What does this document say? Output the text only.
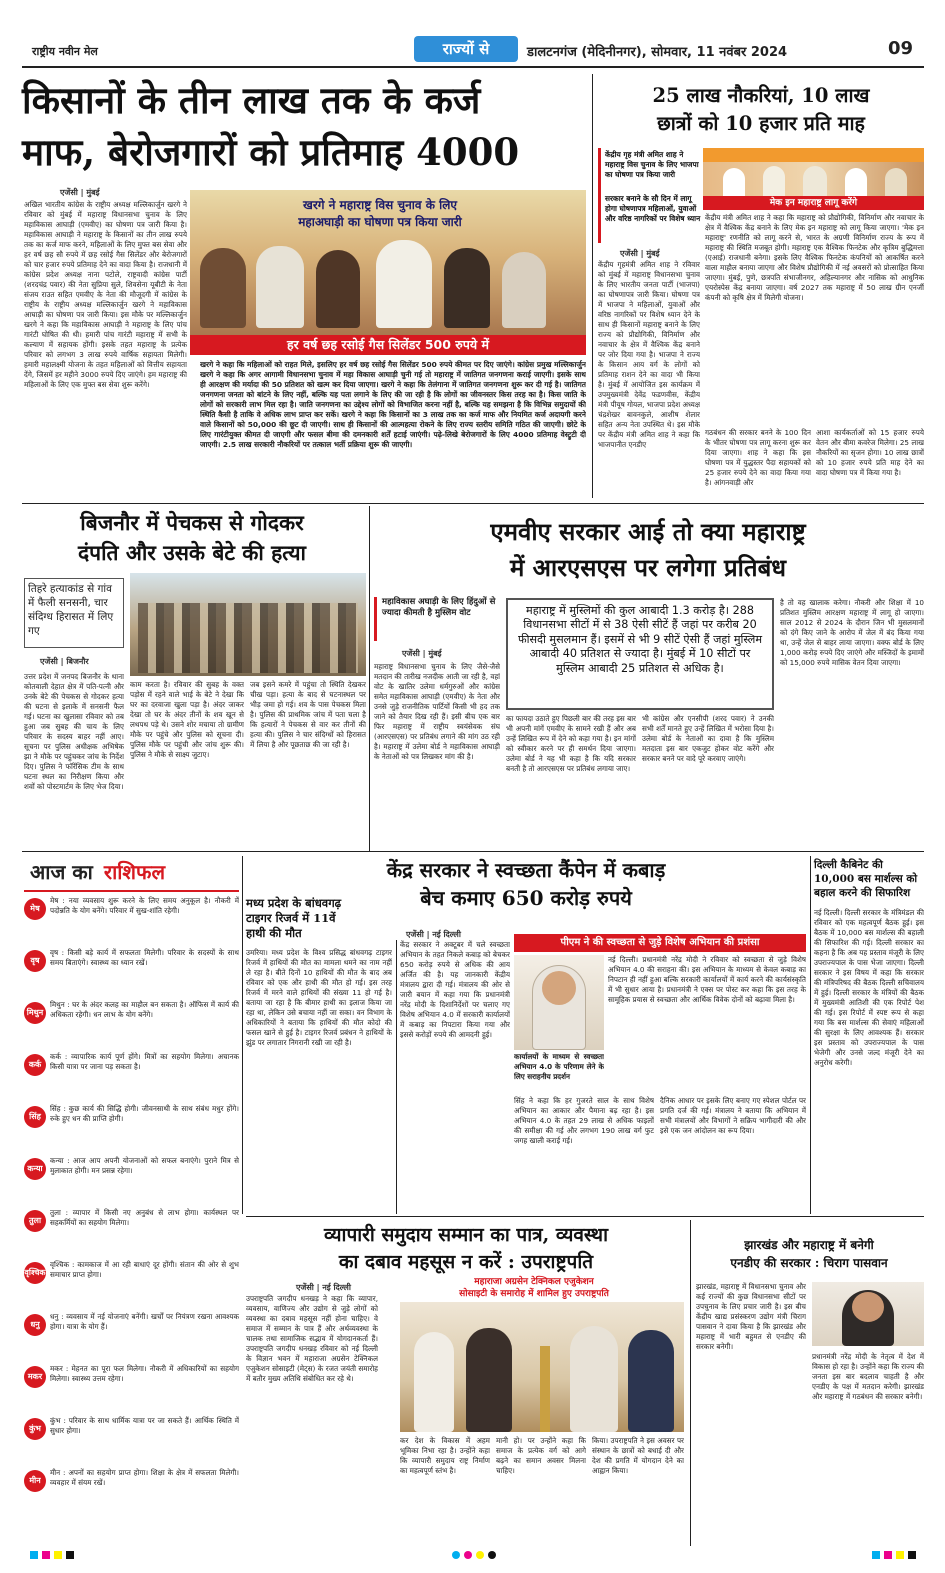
राष्ट्रीय नवीन मेल	राज्यों से	डालटनगंज (मेदिनीनगर), सोमवार, 11 नवंबर 2024	09
किसानों के तीन लाख तक के कर्ज
माफ, बेरोजगारों को प्रतिमाह 4000
एजेंसी | मुंबई
अखिल भारतीय कांग्रेस के राष्ट्रीय अध्यक्ष मल्लिकार्जुन खरगे ने रविवार को मुंबई में महाराष्ट्र विधानसभा चुनाव के लिए महाविकास आघाड़ी (एमवीए) का घोषणा पत्र जारी किया है। महाविकास आघाड़ी ने महाराष्ट्र के किसानों का तीन लाख रुपये तक का कर्ज माफ करने, महिलाओं के लिए मुफ्त बस सेवा और हर वर्ष छह सौ रुपये में छह रसोई गैस सिलेंडर और बेरोजगारों को चार हजार रुपये प्रतिमाह देने का वादा किया है। राजधानी में कांग्रेस प्रदेश अध्यक्ष नाना पटोले, राष्ट्रवादी कांग्रेस पार्टी (शरदचंद्र पवार) की नेता सुप्रिया सुले, शिवसेना यूबीटी के नेता संजय राउत सहित एमवीए के नेता की मौजूदगी में कांग्रेस के राष्ट्रीय के राष्ट्रीय अध्यक्ष मल्लिकार्जुन खरगे ने महाविकास आघाड़ी का घोषणा पत्र जारी किया। इस मौके पर मल्लिकार्जुन खरगे ने कहा कि महाविकास आघाड़ी ने महाराष्ट्र के लिए पांच गारंटी घोषित की थी। हमारी पांच गारंटी महाराष्ट्र में सभी के कल्याण में सहायक होंगी। इसके तहत महाराष्ट्र के प्रत्येक परिवार को लगभग 3 लाख रुपये वार्षिक सहायता मिलेगी। हमारी महालक्ष्मी योजना के तहत महिलाओं को वित्तीय सहायता देंगे, जिसमें हर महीने 3000 रुपये दिए जाएंगे। हम महाराष्ट्र की महिलाओं के लिए एक मुफ्त बस सेवा शुरू करेंगे।
खरगे ने महाराष्ट्र विस चुनाव के लिए
महाअघाड़ी का घोषणा पत्र किया जारी
हर वर्ष छह रसोई गैस सिलेंडर 500 रुपये में
खरगे ने कहा कि महिलाओं को राहत मिले, इसलिए हर वर्ष छह रसोई गैस सिलेंडर 500 रुपये कीमत पर दिए जाएंगे। कांग्रेस प्रमुख मल्लिकार्जुन खरगे ने कहा कि अगर आगामी विधानसभा चुनाव में महा विकास आघाड़ी चुनी गई तो महाराष्ट्र में जातिगत जनगणना कराई जाएगी। इसके साथ ही आरक्षण की मर्यादा की 50 प्रतिशत को खत्म कर दिया जाएगा। खरगे ने कहा कि तेलंगाना में जातिगत जनगणना शुरू कर दी गई है। जातिगत जनगणना जनता को बांटने के लिए नहीं, बल्कि यह पता लगाने के लिए की जा रही है कि लोगों का जीवनस्तर किस तरह का है। किस जाति के लोगों को सरकारी लाभ मिल रहा है। जाति जनगणना का उद्देश्य लोगों को विभाजित करना नहीं है, बल्कि यह समझना है कि विभिन्न समुदायों की स्थिति कैसी है ताकि वे अधिक लाभ प्राप्त कर सकें। खरगे ने कहा कि किसानों का 3 लाख तक का कर्ज माफ और नियमित कर्ज अदायगी करने वाले किसानों को 50,000 की छूट दी जाएगी। साथ ही किसानों की आत्महत्या रोकने के लिए राज्य स्तरीय समिति गठित की जाएगी। छोटे के लिए गारंटीयुक्त कीमत दी जाएगी और फसल बीमा की दमनकारी शर्तें हटाई जाएंगी। पढ़े-लिखे बेरोजगारों के लिए 4000 प्रतिमाह वेस्ट्रुटी दी जाएगी। 2.5 लाख सरकारी नौकरियों पर तत्काल भर्ती प्रक्रिया शुरू की जाएगी।
25 लाख नौकरियां, 10 लाख
छात्रों को 10 हजार प्रति माह
केंद्रीय गृह मंत्री अमित शाह ने महाराष्ट्र विस चुनाव के लिए भाजपा का घोषणा पत्र किया जारी
सरकार बनाने के सौ दिन में लागू होगा घोषणापत्र महिलाओं, युवाओं और वरिष्ठ नागरिकों पर विशेष ध्यान
एजेंसी | मुंबई
केंद्रीय गृहमंत्री अमित शाह ने रविवार को मुंबई में महाराष्ट्र विधानसभा चुनाव के लिए भारतीय जनता पार्टी (भाजपा) का घोषणापत्र जारी किया। घोषणा पत्र में भाजपा ने महिलाओं, युवाओं और वरिष्ठ नागरिकों पर विशेष ध्यान देने के साथ ही किसानों महाराष्ट्र बनाने के लिए राज्य को प्रौद्योगिकी, विनिर्माण और नवाचार के क्षेत्र में वैश्विक केंद्र बनाने पर जोर दिया गया है। भाजपा ने राज्य के किसान आय वर्ग के लोगों को प्रतिमाह राशन देने का वादा भी किया है। मुंबई में आयोजित इस कार्यक्रम में उपमुख्यमंत्री देवेंद्र फडणवीस, केंद्रीय मंत्री पीयूष गोयल, भाजपा प्रदेश अध्यक्ष चंद्रशेखर बावनकुले, आशीष शेलार सहित अन्य नेता उपस्थित थे। इस मौके पर केंद्रीय मंत्री अमित शाह ने कहा कि भाजपानीत एनडीए
मेक इन महाराष्ट्र लागू करेंगे
केंद्रीय मंत्री अमित शाह ने कहा कि महाराष्ट्र को प्रौद्योगिकी, विनिर्माण और नवाचार के क्षेत्र में वैश्विक केंद्र बनाने के लिए मेक इन महाराष्ट्र को लागू किया जाएगा। 'मेक इन महाराष्ट्र' रणनीति को लागू करने से, भारत के अग्रणी विनिर्माण राज्य के रूप में महाराष्ट्र की स्थिति मजबूत होगी। महाराष्ट्र एक वैश्विक फिनटेक और कृत्रिम बुद्धिमत्ता (एआई) राजधानी बनेगा। इसके लिए वैश्विक फिनटेक कंपनियों को आकर्षित करने वाला माहौल बनाया जाएगा और विशेष प्रौद्योगिकी में नई अवसरों को प्रोत्साहित किया जाएगा। मुंबई, पुणे, छत्रपति संभाजीनगर, अहिल्यानगर और नासिक को आधुनिक एयरोस्पेस केंद्र बनाया जाएगा। वर्ष 2027 तक महाराष्ट्र में 50 लाख ग्रीन एनर्जी कंपनी को कृषि क्षेत्र में मिलेगी योजना।
गठबंधन की सरकार बनने के 100 दिन के भीतर घोषणा पत्र लागू करना शुरू कर दिया जाएगा। शाह ने कहा कि इस घोषणा पत्र में युद्धस्तर पैदा सहायकों को 25 हजार रुपये देने का वादा किया गया है। आंगनवाड़ी और
आशा कार्यकर्ताओं को 15 हजार रुपये वेतन और बीमा कवरेज मिलेगा। 25 लाख नौकरियों का सृजन होगा। 10 लाख छात्रों को 10 हजार रुपये प्रति माह देने का वादा घोषणा पत्र में किया गया है।
बिजनौर में पेचकस से गोदकर
दंपति और उसके बेटे की हत्या
तिहरे हत्याकांड से गांव में फैली सनसनी, चार संदिग्ध हिरासत में लिए गए
एजेंसी | बिजनौर
उत्तर प्रदेश में जनपद बिजनौर के थाना कोतवाली देहात क्षेत्र में पति-पत्नी और उनके बेटे की पेचकस से गोदकर हत्या की घटना से इलाके में सनसनी फैल गई। घटना का खुलासा रविवार को तब हुआ जब सुबह की चाय के लिए परिवार के सदस्य बाहर नहीं आए। सूचना पर पुलिस अधीक्षक अभिषेक झा ने मौके पर पहुंचकर जांच के निर्देश दिए। पुलिस ने फॉरेंसिक टीम के साथ घटना स्थल का निरीक्षण किया और शवों को पोस्टमार्टम के लिए भेज दिया।
काम करता है। रविवार की सुबह के वक्त पड़ोस में रहने वाले भाई के बेटे ने देखा कि घर का दरवाजा खुला पड़ा है। अंदर जाकर देखा तो घर के अंदर तीनों के शव खून से लथपथ पड़े थे। उसने शोर मचाया तो ग्रामीण मौके पर पहुंचे और पुलिस को सूचना दी। पुलिस मौके पर पहुंची और जांच शुरू की। पुलिस ने मौके से साक्ष्य जुटाए।
जब इसने कमरे में पहुंचा तो स्थिति देखकर चीख पड़ा। हत्या के बाद से घटनास्थल पर भीड़ जमा हो गई। शव के पास पेचकस मिला है। पुलिस की प्राथमिक जांच में पता चला है कि हत्यारों ने पेचकस से वार कर तीनों की हत्या की। पुलिस ने चार संदिग्धों को हिरासत में लिया है और पूछताछ की जा रही है।
एमवीए सरकार आई तो क्या महाराष्ट्र
में आरएसएस पर लगेगा प्रतिबंध
महाविकास अघाड़ी के लिए हिंदुओं से ज्यादा कीमती है मुस्लिम वोट
एजेंसी | मुंबई
महाराष्ट्र में मुस्लिमों की कुल आबादी 1.3 करोड़ है। 288 विधानसभा सीटों में से 38 ऐसी सीटें हैं जहां पर करीब 20 फीसदी मुसलमान हैं। इसमें से भी 9 सीटें ऐसी हैं जहां मुस्लिम आबादी 40 प्रतिशत से ज्यादा है। मुंबई में 10 सीटों पर मुस्लिम आबादी 25 प्रतिशत से अधिक है।
महाराष्ट्र विधानसभा चुनाव के लिए जैसे-जैसे मतदान की तारीख नजदीक आती जा रही है, वहां वोट के खातिर उलेमा धर्मगुरुओं और कांग्रेस समेत महाविकास आघाड़ी (एमवीए) के नेता और उनसे जुड़े राजनीतिक पार्टियों किसी भी हद तक जाने को तैयार दिख रही हैं। इसी बीच एक बार फिर महाराष्ट्र में राष्ट्रीय स्वयंसेवक संघ (आरएसएस) पर प्रतिबंध लगाने की मांग उठ रही है। महाराष्ट्र में उलेमा बोर्ड ने महाविकास आघाड़ी के नेताओं को पत्र लिखकर मांग की है।
का फायदा उठाते हुए पिछली बार की तरह इस बार भी अपनी मांगें एमवीए के सामने रखी हैं और अब उन्हें लिखित रूप में देने को कहा गया है। इन मांगों को स्वीकार करने पर ही समर्थन दिया जाएगा। उलेमा बोर्ड ने यह भी कहा है कि यदि सरकार बनती है तो आरएसएस पर प्रतिबंध लगाया जाए।
भी कांग्रेस और एनसीपी (शरद पवार) ने उनकी सभी शर्तें मानते हुए उन्हें लिखित में भरोसा दिया है। उलेमा बोर्ड के नेताओं का दावा है कि मुस्लिम मतदाता इस बार एकजुट होकर वोट करेंगे और सरकार बनने पर वादे पूरे करवाए जाएंगे।
है तो वह खालाक करेगा। नौकरी और शिक्षा में 10 प्रतिशत मुस्लिम आरक्षण महाराष्ट्र में लागू हो जाएगा। साल 2012 से 2024 के दौरान जिन भी मुसलमानों को दंगे किए जाने के आरोप में जेल में बंद किया गया था, उन्हें जेल से बाहर लाया जाएगा। वक्फ बोर्ड के लिए 1,000 करोड़ रुपये दिए जाएंगे और मस्जिदों के इमामों को 15,000 रुपये मासिक वेतन दिया जाएगा।
आज का राशिफल
मेष
मेष : नया व्यवसाय शुरू करने के लिए समय अनुकूल है। नौकरी में पदोन्नति के योग बनेंगे। परिवार में सुख-शांति रहेगी।
वृष
वृष : किसी बड़े कार्य में सफलता मिलेगी। परिवार के सदस्यों के साथ समय बिताएंगे। स्वास्थ्य का ध्यान रखें।
मिथुन
मिथुन : घर के अंदर कलह का माहौल बन सकता है। ऑफिस में कार्य की अधिकता रहेगी। धन लाभ के योग बनेंगे।
कर्क
कर्क : व्यापारिक कार्य पूर्ण होंगे। मित्रों का सहयोग मिलेगा। अचानक किसी यात्रा पर जाना पड़ सकता है।
सिंह
सिंह : कुछ कार्य की सिद्धि होगी। जीवनसाथी के साथ संबंध मधुर होंगे। रुके हुए धन की प्राप्ति होगी।
कन्या
कन्या : आज आप अपनी योजनाओं को सफल बनाएंगे। पुराने मित्र से मुलाकात होगी। मन प्रसन्न रहेगा।
तुला
तुला : व्यापार में किसी नए अनुबंध से लाभ होगा। कार्यस्थल पर सहकर्मियों का सहयोग मिलेगा।
वृश्चिक
वृश्चिक : कामकाज में आ रही बाधाएं दूर होंगी। संतान की ओर से शुभ समाचार प्राप्त होगा।
धनु
धनु : व्यवसाय में नई योजनाएं बनेंगी। खर्चों पर नियंत्रण रखना आवश्यक होगा। यात्रा के योग हैं।
मकर
मकर : मेहनत का पूरा फल मिलेगा। नौकरी में अधिकारियों का सहयोग मिलेगा। स्वास्थ्य उत्तम रहेगा।
कुंभ
कुंभ : परिवार के साथ धार्मिक यात्रा पर जा सकते हैं। आर्थिक स्थिति में सुधार होगा।
मीन
मीन : अपनों का सहयोग प्राप्त होगा। शिक्षा के क्षेत्र में सफलता मिलेगी। व्यवहार में संयम रखें।
मध्य प्रदेश के बांधवगढ़
टाइगर रिजर्व में 11वें
हाथी की मौत
उमरिया। मध्य प्रदेश के विश्व प्रसिद्ध बांधवगढ़ टाइगर रिजर्व में हाथियों की मौत का मामला थमने का नाम नहीं ले रहा है। बीते दिनों 10 हाथियों की मौत के बाद अब रविवार को एक और हाथी की मौत हो गई। इस तरह रिजर्व में मरने वाले हाथियों की संख्या 11 हो गई है। बताया जा रहा है कि बीमार हाथी का इलाज किया जा रहा था, लेकिन उसे बचाया नहीं जा सका। वन विभाग के अधिकारियों ने बताया कि हाथियों की मौत कोदो की फसल खाने से हुई है। टाइगर रिजर्व प्रबंधन ने हाथियों के झुंड पर लगातार निगरानी रखी जा रही है।
केंद्र सरकार ने स्वच्छता कैंपेन में कबाड़
बेच कमाए 650 करोड़ रुपये
एजेंसी | नई दिल्ली
केंद्र सरकार ने अक्टूबर में चले स्वच्छता अभियान के तहत निकले कबाड़ को बेचकर 650 करोड़ रुपये से अधिक की आय अर्जित की है। यह जानकारी केंद्रीय मंत्रालय द्वारा दी गई। मंत्रालय की ओर से जारी बयान में कहा गया कि प्रधानमंत्री नरेंद्र मोदी के दिशानिर्देशों पर चलाए गए विशेष अभियान 4.0 में सरकारी कार्यालयों में कबाड़ का निपटारा किया गया और इससे करोड़ों रुपये की आमदनी हुई।
पीएम ने की स्वच्छता से जुड़े विशेष अभियान की प्रशंसा
कार्यालयों के माध्यम से स्वच्छता अभियान 4.0 के परिणाम लेने के लिए सराहनीय प्रदर्शन
नई दिल्ली। प्रधानमंत्री नरेंद्र मोदी ने रविवार को स्वच्छता से जुड़े विशेष अभियान 4.0 की सराहना की। इस अभियान के माध्यम से केवल कबाड़ का निपटान ही नहीं हुआ बल्कि सरकारी कार्यालयों में कार्य करने की कार्यसंस्कृति में भी सुधार आया है। प्रधानमंत्री ने एक्स पर पोस्ट कर कहा कि इस तरह के सामूहिक प्रयास से स्वच्छता और आर्थिक विवेक दोनों को बढ़ावा मिला है।
सिंह ने कहा कि हर गुजरते साल के साथ विशेष अभियान का आकार और पैमाना बढ़ रहा है। इस अभियान 4.0 के तहत 29 लाख से अधिक फाइलों की समीक्षा की गई और लगभग 190 लाख वर्ग फुट जगह खाली कराई गई।
दैनिक आधार पर इसके लिए बनाए गए स्पेशल पोर्टल पर प्रगति दर्ज की गई। मंत्रालय ने बताया कि अभियान में सभी मंत्रालयों और विभागों ने सक्रिय भागीदारी की और इसे एक जन आंदोलन का रूप दिया।
दिल्ली कैबिनेट की
10,000 बस मार्शल्स को
बहाल करने की सिफारिश
नई दिल्ली। दिल्ली सरकार के मंत्रिमंडल की रविवार को एक महत्वपूर्ण बैठक हुई। इस बैठक में 10,000 बस मार्शल्स की बहाली की सिफारिश की गई। दिल्ली सरकार का कहना है कि अब यह प्रस्ताव मंजूरी के लिए उपराज्यपाल के पास भेजा जाएगा। दिल्ली सरकार ने इस विषय में कहा कि सरकार की मंत्रिपरिषद की बैठक दिल्ली सचिवालय में हुई। दिल्ली सरकार के मंत्रियों की बैठक में मुख्यमंत्री आतिशी की एक रिपोर्ट पेश की गई। इस रिपोर्ट में स्पष्ट रूप से कहा गया कि बस मार्शल्स की सेवाएं महिलाओं की सुरक्षा के लिए आवश्यक हैं। सरकार इस प्रस्ताव को उपराज्यपाल के पास भेजेगी और उनसे जल्द मंजूरी देने का अनुरोध करेगी।
व्यापारी समुदाय सम्मान का पात्र, व्यवस्था
का दबाव महसूस न करें : उपराष्ट्रपति
एजेंसी | नई दिल्ली
उपराष्ट्रपति जगदीप धनखड़ ने कहा कि व्यापार, व्यवसाय, वाणिज्य और उद्योग से जुड़े लोगों को व्यवस्था का दबाव महसूस नहीं होना चाहिए। वे समाज में सम्मान के पात्र हैं और अर्थव्यवस्था के चालक तथा सामाजिक सद्भाव में योगदानकर्ता हैं। उपराष्ट्रपति जगदीप धनखड़ रविवार को नई दिल्ली के विज्ञान भवन में महाराजा अग्रसेन टेक्निकल एजुकेशन सोसाइटी (मेट्स) के रजत जयंती समारोह में बतौर मुख्य अतिथि संबोधित कर रहे थे।
महाराजा अग्रसेन टेक्निकल एजुकेशन
सोसाइटी के समारोह में शामिल हुए उपराष्ट्रपति
कर देश के विकास में अहम भूमिका निभा रहा है। उन्होंने कहा कि व्यापारी समुदाय राष्ट्र निर्माण का महत्वपूर्ण स्तंभ है।
मानी हो। पर उन्होंने कहा कि समाज के प्रत्येक वर्ग को आगे बढ़ने का समान अवसर मिलना चाहिए।
किया। उपराष्ट्रपति ने इस अवसर पर संस्थान के छात्रों को बधाई दी और देश की प्रगति में योगदान देने का आह्वान किया।
झारखंड और महाराष्ट्र में बनेगी
एनडीए की सरकार : चिराग पासवान
झारखंड, महाराष्ट्र में विधानसभा चुनाव और कई राज्यों की कुछ विधानसभा सीटों पर उपचुनाव के लिए प्रचार जारी है। इस बीच केंद्रीय खाद्य प्रसंस्करण उद्योग मंत्री चिराग पासवान ने दावा किया है कि झारखंड और महाराष्ट्र में भारी बहुमत से एनडीए की सरकार बनेगी।
प्रधानमंत्री नरेंद्र मोदी के नेतृत्व में देश में विकास हो रहा है। उन्होंने कहा कि राज्य की जनता इस बार बदलाव चाहती है और एनडीए के पक्ष में मतदान करेगी। झारखंड और महाराष्ट्र में गठबंधन की सरकार बनेगी।
